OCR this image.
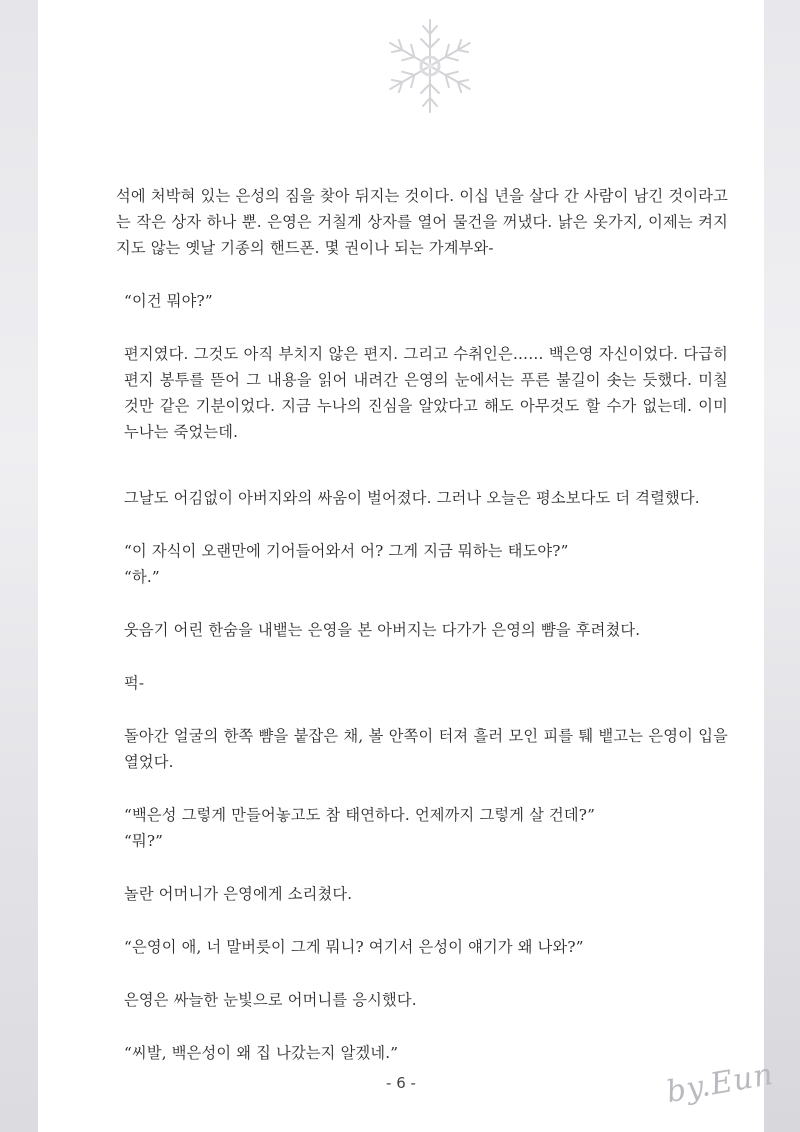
석에 처박혀 있는 은성의 짐을 찾아 뒤지는 것이다. 이십 년을 살다 간 사람이 남긴 것이라고는 작은 상자 하나 뿐. 은영은 거칠게 상자를 열어 물건을 꺼냈다. 낡은 옷가지, 이제는 켜지지도 않는 옛날 기종의 핸드폰. 몇 권이나 되는 가계부와-

“이건 뭐야?”

편지였다. 그것도 아직 부치지 않은 편지. 그리고 수취인은…… 백은영 자신이었다. 다급히 편지 봉투를 뜯어 그 내용을 읽어 내려간 은영의 눈에서는 푸른 불길이 솟는 듯했다. 미칠 것만 같은 기분이었다. 지금 누나의 진심을 알았다고 해도 아무것도 할 수가 없는데. 이미 누나는 죽었는데.

그날도 어김없이 아버지와의 싸움이 벌어졌다. 그러나 오늘은 평소보다도 더 격렬했다.

“이 자식이 오랜만에 기어들어와서 어? 그게 지금 뭐하는 태도야?”

“하.”

웃음기 어린 한숨을 내뱉는 은영을 본 아버지는 다가가 은영의 뺨을 후려쳤다.

퍽-

돌아간 얼굴의 한쪽 뺨을 붙잡은 채, 볼 안쪽이 터져 흘러 모인 피를 퉤 뱉고는 은영이 입을 열었다.

“백은성 그렇게 만들어놓고도 참 태연하다. 언제까지 그렇게 살 건데?”

“뭐?”

놀란 어머니가 은영에게 소리쳤다.

“은영이 애, 너 말버릇이 그게 뭐니? 여기서 은성이 얘기가 왜 나와?”

은영은 싸늘한 눈빛으로 어머니를 응시했다.

“씨발, 백은성이 왜 집 나갔는지 알겠네.”

- 6 -	by.Eun
